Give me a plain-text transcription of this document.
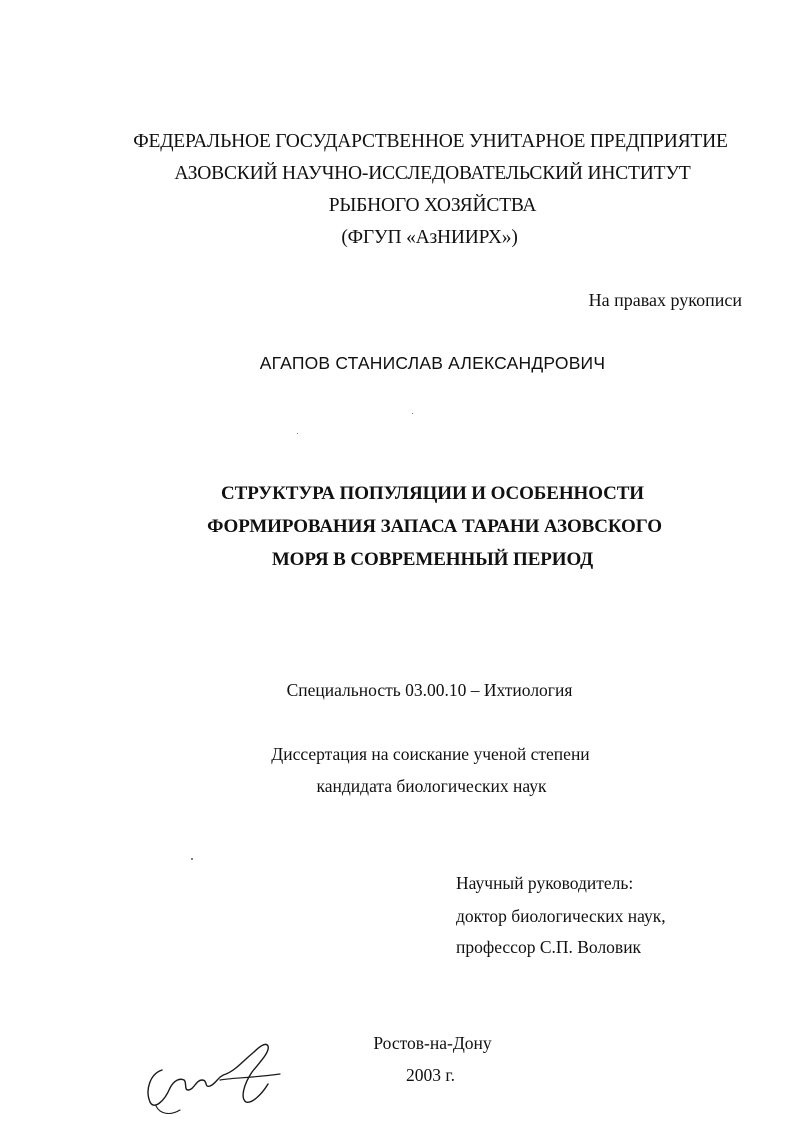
ФЕДЕРАЛЬНОЕ ГОСУДАРСТВЕННОЕ УНИТАРНОЕ ПРЕДПРИЯТИЕ
АЗОВСКИЙ НАУЧНО-ИССЛЕДОВАТЕЛЬСКИЙ ИНСТИТУТ
РЫБНОГО ХОЗЯЙСТВА
(ФГУП «АзНИИРХ»)
На правах рукописи
АГАПОВ СТАНИСЛАВ АЛЕКСАНДРОВИЧ
СТРУКТУРА ПОПУЛЯЦИИ И ОСОБЕННОСТИ
ФОРМИРОВАНИЯ ЗАПАСА ТАРАНИ АЗОВСКОГО
МОРЯ В СОВРЕМЕННЫЙ ПЕРИОД
Специальность 03.00.10 – Ихтиология
Диссертация на соискание ученой степени
кандидата биологических наук
Научный руководитель:
доктор биологических наук,
профессор С.П. Воловик
Ростов-на-Дону
2003 г.
